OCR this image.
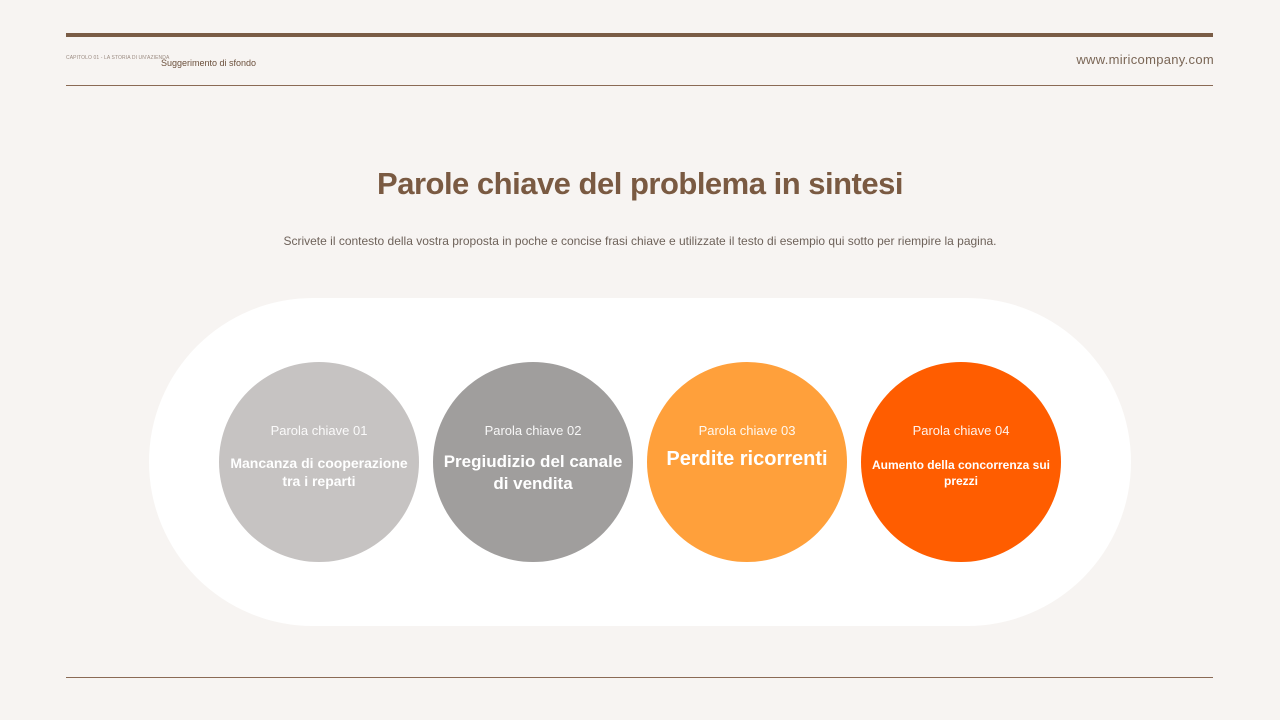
CAPITOLO 01 - LA STORIA DI UN'AZIENDA
Suggerimento di sfondo	www.miricompany.com
Parole chiave del problema in sintesi
Scrivete il contesto della vostra proposta in poche e concise frasi chiave e utilizzate il testo di esempio qui sotto per riempire la pagina.
Parola chiave 01
Mancanza di cooperazione tra i reparti
Parola chiave 02
Pregiudizio del canale di vendita
Parola chiave 03
Perdite ricorrenti
Parola chiave 04
Aumento della concorrenza sui prezzi
